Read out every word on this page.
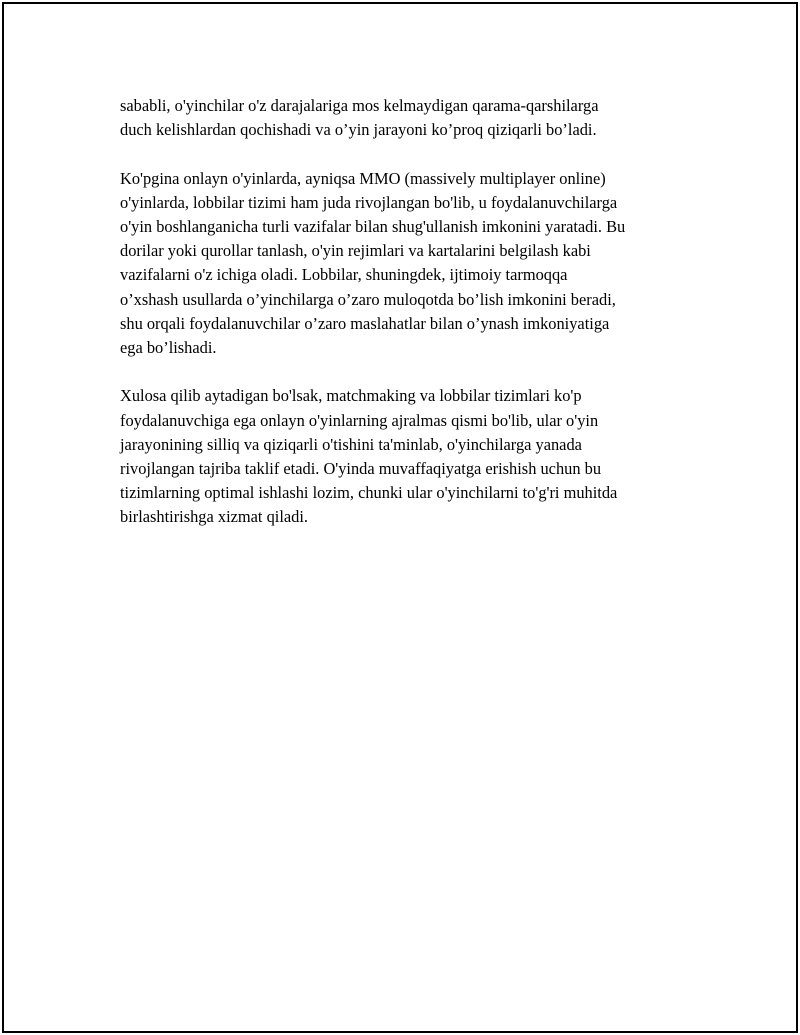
sababli, o'yinchilar o'z darajalariga mos kelmaydigan qarama-qarshilarga
duch kelishlardan qochishadi va o’yin jarayoni ko’proq qiziqarli bo’ladi.

Ko'pgina onlayn o'yinlarda, ayniqsa MMO (massively multiplayer online)
o'yinlarda, lobbilar tizimi ham juda rivojlangan bo'lib, u foydalanuvchilarga
o'yin boshlanganicha turli vazifalar bilan shug'ullanish imkonini yaratadi. Bu
dorilar yoki qurollar tanlash, o'yin rejimlari va kartalarini belgilash kabi
vazifalarni o'z ichiga oladi. Lobbilar, shuningdek, ijtimoiy tarmoqqa
o’xshash usullarda o’yinchilarga o’zaro muloqotda bo’lish imkonini beradi,
shu orqali foydalanuvchilar o’zaro maslahatlar bilan o’ynash imkoniyatiga
ega bo’lishadi.

Xulosa qilib aytadigan bo'lsak, matchmaking va lobbilar tizimlari ko'p
foydalanuvchiga ega onlayn o'yinlarning ajralmas qismi bo'lib, ular o'yin
jarayonining silliq va qiziqarli o'tishini ta'minlab, o'yinchilarga yanada
rivojlangan tajriba taklif etadi. O'yinda muvaffaqiyatga erishish uchun bu
tizimlarning optimal ishlashi lozim, chunki ular o'yinchilarni to'g'ri muhitda
birlashtirishga xizmat qiladi.
